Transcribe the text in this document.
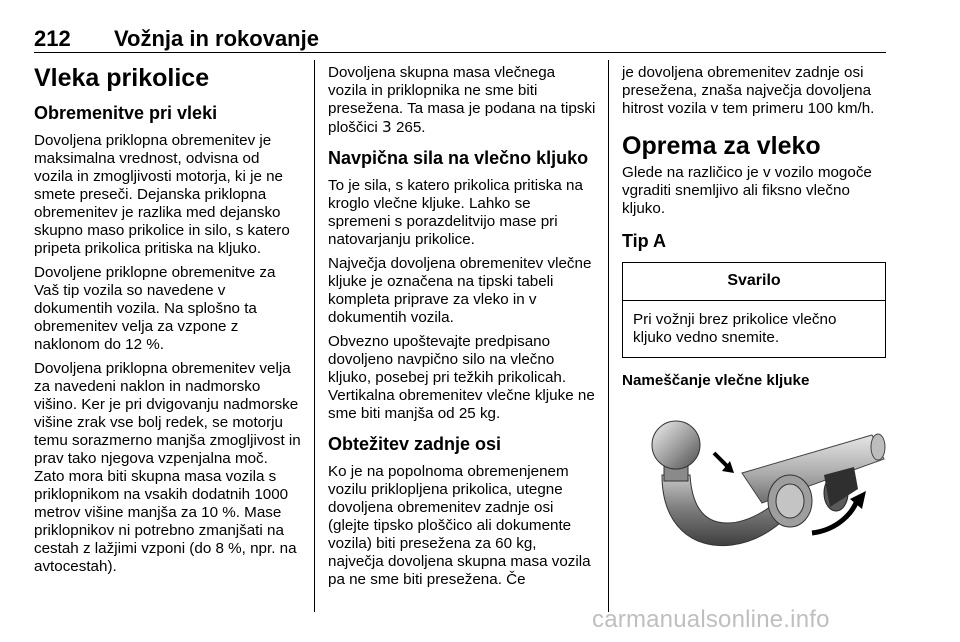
212 Vožnja in rokovanje
Vleka prikolice
Obremenitve pri vleki

Dovoljena priklopna obremenitev je maksimalna vrednost, odvisna od vozila in zmogljivosti motorja, ki je ne smete preseči. Dejanska priklopna obremenitev je razlika med dejansko skupno maso prikolice in silo, s katero pripeta prikolica pritiska na kljuko.

Dovoljene priklopne obremenitve za Vaš tip vozila so navedene v dokumentih vozila. Na splošno ta obremenitev velja za vzpone z naklonom do 12 %.

Dovoljena priklopna obremenitev velja za navedeni naklon in nadmorsko višino. Ker je pri dvigovanju nadmorske višine zrak vse bolj redek, se motorju temu sorazmerno manjša zmogljivost in prav tako njegova vzpenjalna moč. Zato mora biti skupna masa vozila s priklopnikom na vsakih dodatnih 1000 metrov višine manjša za 10 %. Mase priklopnikov ni potrebno zmanjšati na cestah z lažjimi vzponi (do 8 %, npr. na avtocestah).

Dovoljena skupna masa vlečnega vozila in priklopnika ne sme biti presežena. Ta masa je podana na tipski ploščici 3 265.

Navpična sila na vlečno kljuko

To je sila, s katero prikolica pritiska na kroglo vlečne kljuke. Lahko se spremeni s porazdelitvijo mase pri natovarjanju prikolice.

Največja dovoljena obremenitev vlečne kljuke je označena na tipski tabeli kompleta priprave za vleko in v dokumentih vozila.

Obvezno upoštevajte predpisano dovoljeno navpično silo na vlečno kljuko, posebej pri težkih prikolicah. Vertikalna obremenitev vlečne kljuke ne sme biti manjša od 25 kg.

Obtežitev zadnje osi

Ko je na popolnoma obremenjenem vozilu priklopljena prikolica, utegne dovoljena obremenitev zadnje osi (glejte tipsko ploščico ali dokumente vozila) biti presežena za 60 kg, največja dovoljena skupna masa vozila pa ne sme biti presežena. Če

je dovoljena obremenitev zadnje osi presežena, znaša največja dovoljena hitrost vozila v tem primeru 100 km/h.

Oprema za vleko

Glede na različico je v vozilo mogoče vgraditi snemljivo ali fiksno vlečno kljuko.

Tip A
Svarilo
Pri vožnji brez prikolice vlečno kljuko vedno snemite.
Nameščanje vlečne kljuke
carmanualsonline.info
